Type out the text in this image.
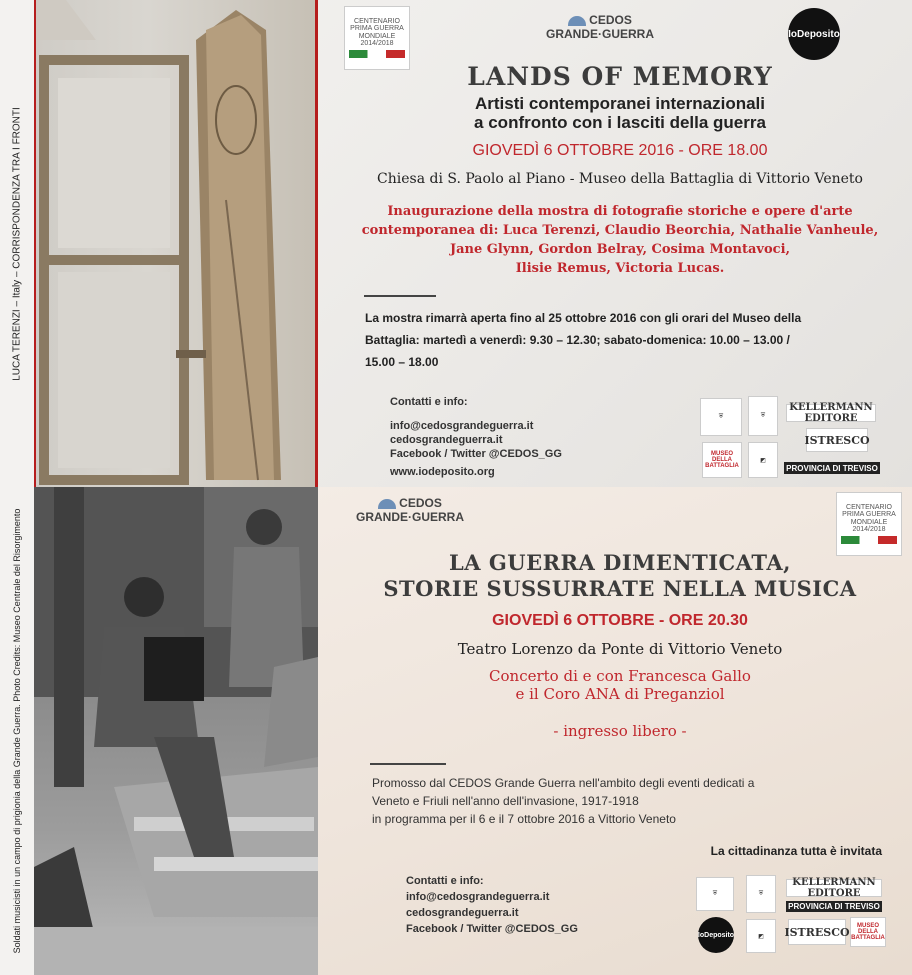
LUCA TERENZI – Italy – CORRISPONDENZA TRA I FRONTI
CENTENARIO PRIMA GUERRA MONDIALE 2014/2018
CEDOS GRANDE·GUERRA	IoDeposito
LANDS OF MEMORY
Artisti contemporanei internazionali
a confronto con i lasciti della guerra
GIOVEDÌ 6 OTTOBRE 2016 - ORE 18.00
Chiesa di S. Paolo al Piano - Museo della Battaglia di Vittorio Veneto
Inaugurazione della mostra di fotografie storiche e opere d'arte
contemporanea di: Luca Terenzi, Claudio Beorchia, Nathalie Vanheule,
Jane Glynn, Gordon Belray, Cosima Montavoci,
Ilisie Remus, Victoria Lucas.
La mostra rimarrà aperta fino al 25 ottobre 2016 con gli orari del Museo della
Battaglia: martedì a venerdì: 9.30 – 12.30; sabato-domenica: 10.00 – 13.00 /
15.00 – 18.00
Contatti e info:
info@cedosgrandeguerra.it
cedosgrandeguerra.it
Facebook / Twitter @CEDOS_GG
www.iodeposito.org
⛨	⛨
KELLERMANN EDITORE
ISTRESCO
MUSEO DELLA BATTAGLIA
◩
PROVINCIA DI TREVISO
Soldati musicisti in un campo di prigionia della Grande Guerra. Photo Credits: Museo Centrale del Risorgimento
CEDOS GRANDE·GUERRA
CENTENARIO PRIMA GUERRA MONDIALE 2014/2018
LA GUERRA DIMENTICATA,
STORIE SUSSURRATE NELLA MUSICA
GIOVEDÌ 6 OTTOBRE - ORE 20.30
Teatro Lorenzo da Ponte di Vittorio Veneto
Concerto di e con Francesca Gallo
e il Coro ANA di Preganziol
- ingresso libero -
Promosso dal CEDOS Grande Guerra nell'ambito degli eventi dedicati a
Veneto e Friuli nell'anno dell'invasione, 1917-1918
in programma per il 6 e il 7 ottobre 2016 a Vittorio Veneto
La cittadinanza tutta è invitata
Contatti e info:
info@cedosgrandeguerra.it
cedosgrandeguerra.it
Facebook / Twitter @CEDOS_GG
⛨	⛨
KELLERMANN EDITORE
PROVINCIA DI TREVISO
IoDeposito	◩ ISTRESCO	MUSEO DELLA BATTAGLIA
